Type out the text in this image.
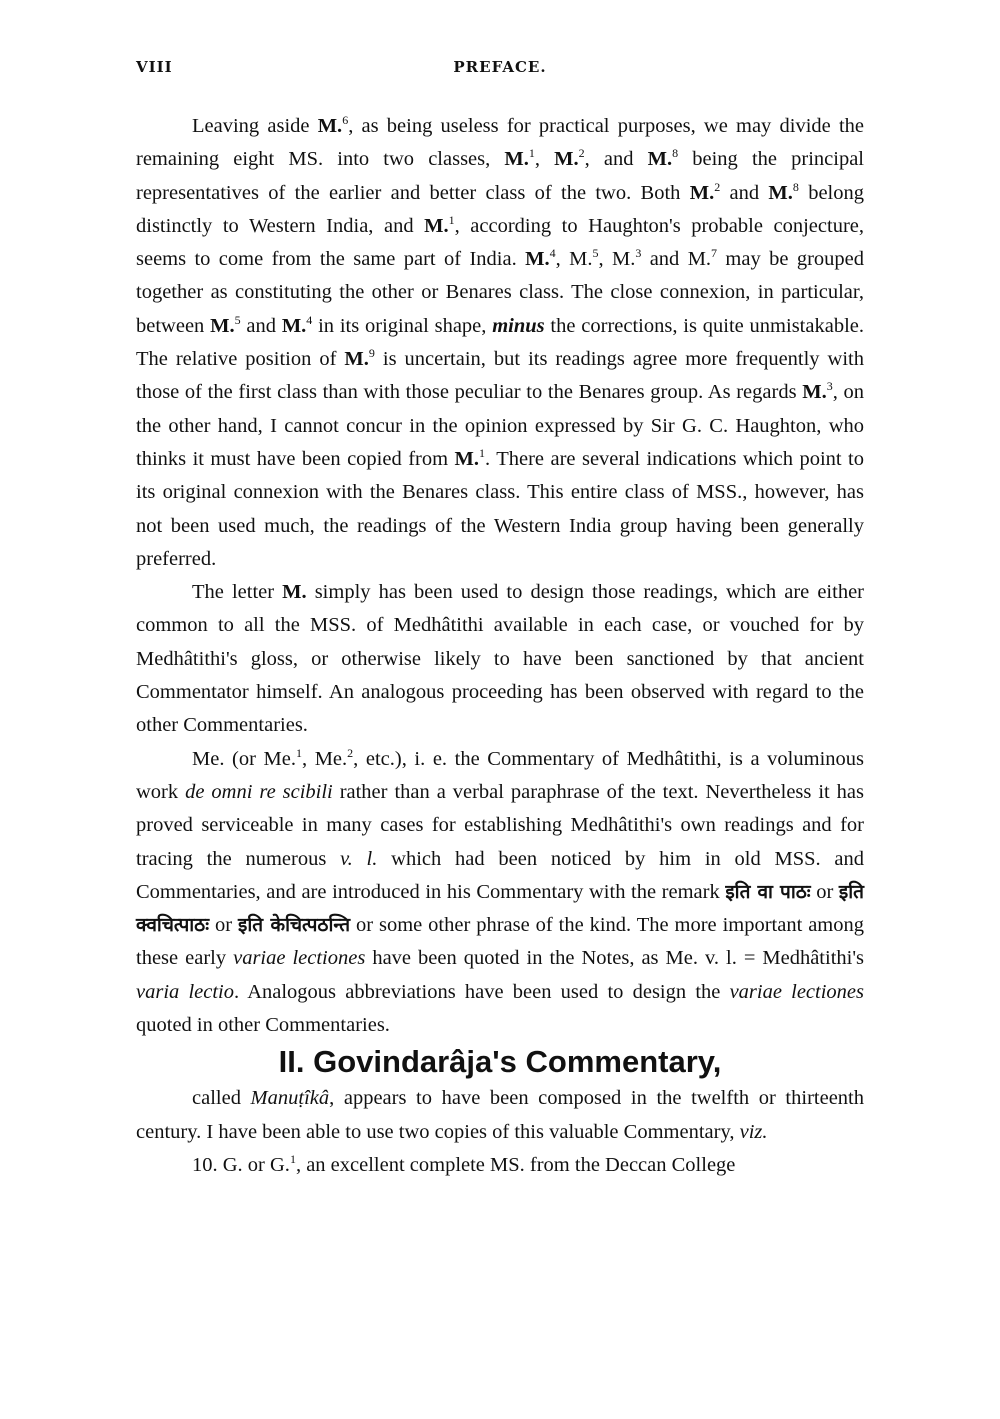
VIII	PREFACE.

Leaving aside M.$^6$, as being useless for practical purposes, we may divide the remaining eight MS. into two classes, M.$^1$, M.$^2$, and M.$^8$ being the principal representatives of the earlier and better class of the two. Both M.$^2$ and M.$^8$ belong distinctly to Western India, and M.$^1$, according to Haughton's probable conjecture, seems to come from the same part of India. M.$^4$, M.$^5$, M.$^3$ and M.$^7$ may be grouped together as constituting the other or Benares class. The close connexion, in particular, between M.$^5$ and M.$^4$ in its original shape, minus the corrections, is quite unmistakable. The relative position of M.$^9$ is uncertain, but its readings agree more frequently with those of the first class than with those peculiar to the Benares group. As regards M.$^3$, on the other hand, I cannot concur in the opinion expressed by Sir G. C. Haughton, who thinks it must have been copied from M.$^1$. There are several indications which point to its original connexion with the Benares class. This entire class of MSS., however, has not been used much, the readings of the Western India group having been generally preferred.

The letter M. simply has been used to design those readings, which are either common to all the MSS. of Medhâtithi available in each case, or vouched for by Medhâtithi's gloss, or otherwise likely to have been sanctioned by that ancient Commentator himself. An analogous proceeding has been observed with regard to the other Commentaries.

Me. (or Me.$^1$, Me.$^2$, etc.), i. e. the Commentary of Medhâtithi, is a voluminous work de omni re scibili rather than a verbal paraphrase of the text. Nevertheless it has proved serviceable in many cases for establishing Medhâtithi's own readings and for tracing the numerous v. l. which had been noticed by him in old MSS. and Commentaries, and are introduced in his Commentary with the remark इति वा पाठः or इति क्वचित्पाठः or इति केचित्पठन्ति or some other phrase of the kind. The more important among these early variae lectiones have been quoted in the Notes, as Me. v. l. = Medhâtithi's varia lectio. Analogous abbreviations have been used to design the variae lectiones quoted in other Commentaries.

II. Govindarâja's Commentary,

called Manuṭîkâ, appears to have been composed in the twelfth or thirteenth century. I have been able to use two copies of this valuable Commentary, viz.

10. G. or G.$^1$, an excellent complete MS. from the Deccan College
